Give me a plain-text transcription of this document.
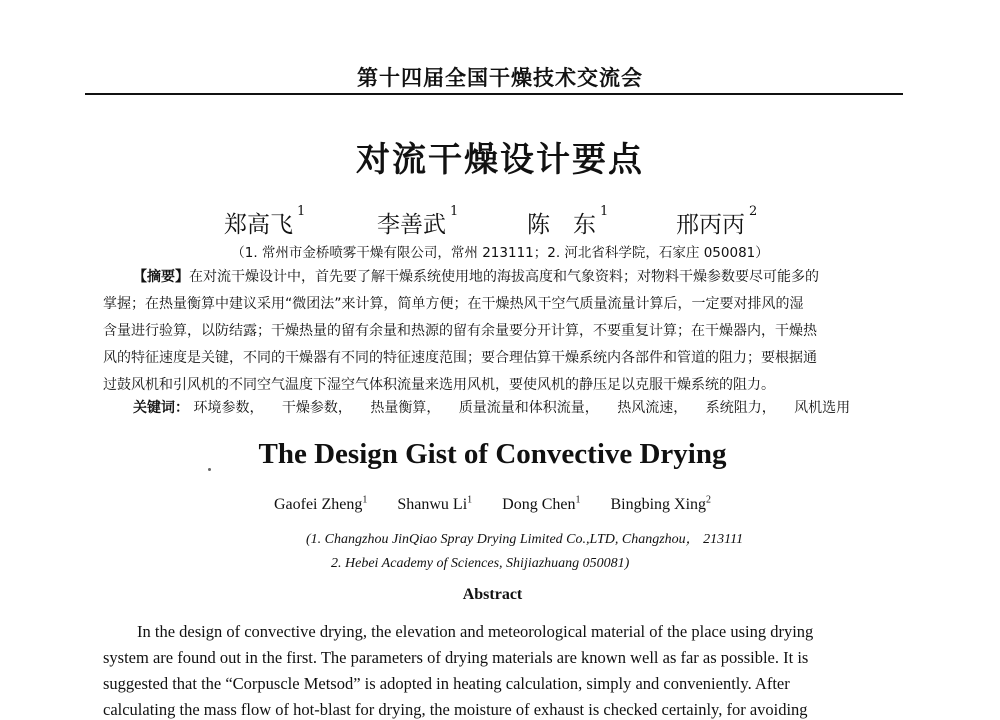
第十四届全国干燥技术交流会
对流干燥设计要点
郑高飞$^1$
李善武$^1$
陈　东$^1$
邢丙丙$^2$
（1. 常州市金桥喷雾干燥有限公司，常州 213111；2. 河北省科学院，石家庄 050081）
【摘要】在对流干燥设计中，首先要了解干燥系统使用地的海拔高度和气象资料；对物料干燥参数要尽可能多的
掌握；在热量衡算中建议采用“微团法”来计算，简单方便；在干燥热风干空气质量流量计算后，一定要对排风的湿
含量进行验算，以防结露；干燥热量的留有余量和热源的留有余量要分开计算，不要重复计算；在干燥器内，干燥热
风的特征速度是关键，不同的干燥器有不同的特征速度范围；要合理估算干燥系统内各部件和管道的阻力；要根据通
过鼓风机和引风机的不同空气温度下湿空气体积流量来选用风机，要使风机的静压足以克服干燥系统的阻力。
关键词： 环境参数， 干燥参数， 热量衡算， 质量流量和体积流量， 热风流速， 系统阻力， 风机选用
The Design Gist of Convective Drying
Gaofei Zheng$^1$ Shanwu Li$^1$ Dong Chen$^1$ Bingbing Xing$^2$
(1. Changzhou JinQiao Spray Drying Limited Co.,LTD, Changzhou， 213111
2. Hebei Academy of Sciences, Shijiazhuang 050081)
Abstract
In the design of convective drying, the elevation and meteorological material of the place using drying
system are found out in the first. The parameters of drying materials are known well as far as possible. It is
suggested that the “Corpuscle Metsod” is adopted in heating calculation, simply and conveniently. After
calculating the mass flow of hot-blast for drying, the moisture of exhaust is checked certainly, for avoiding
